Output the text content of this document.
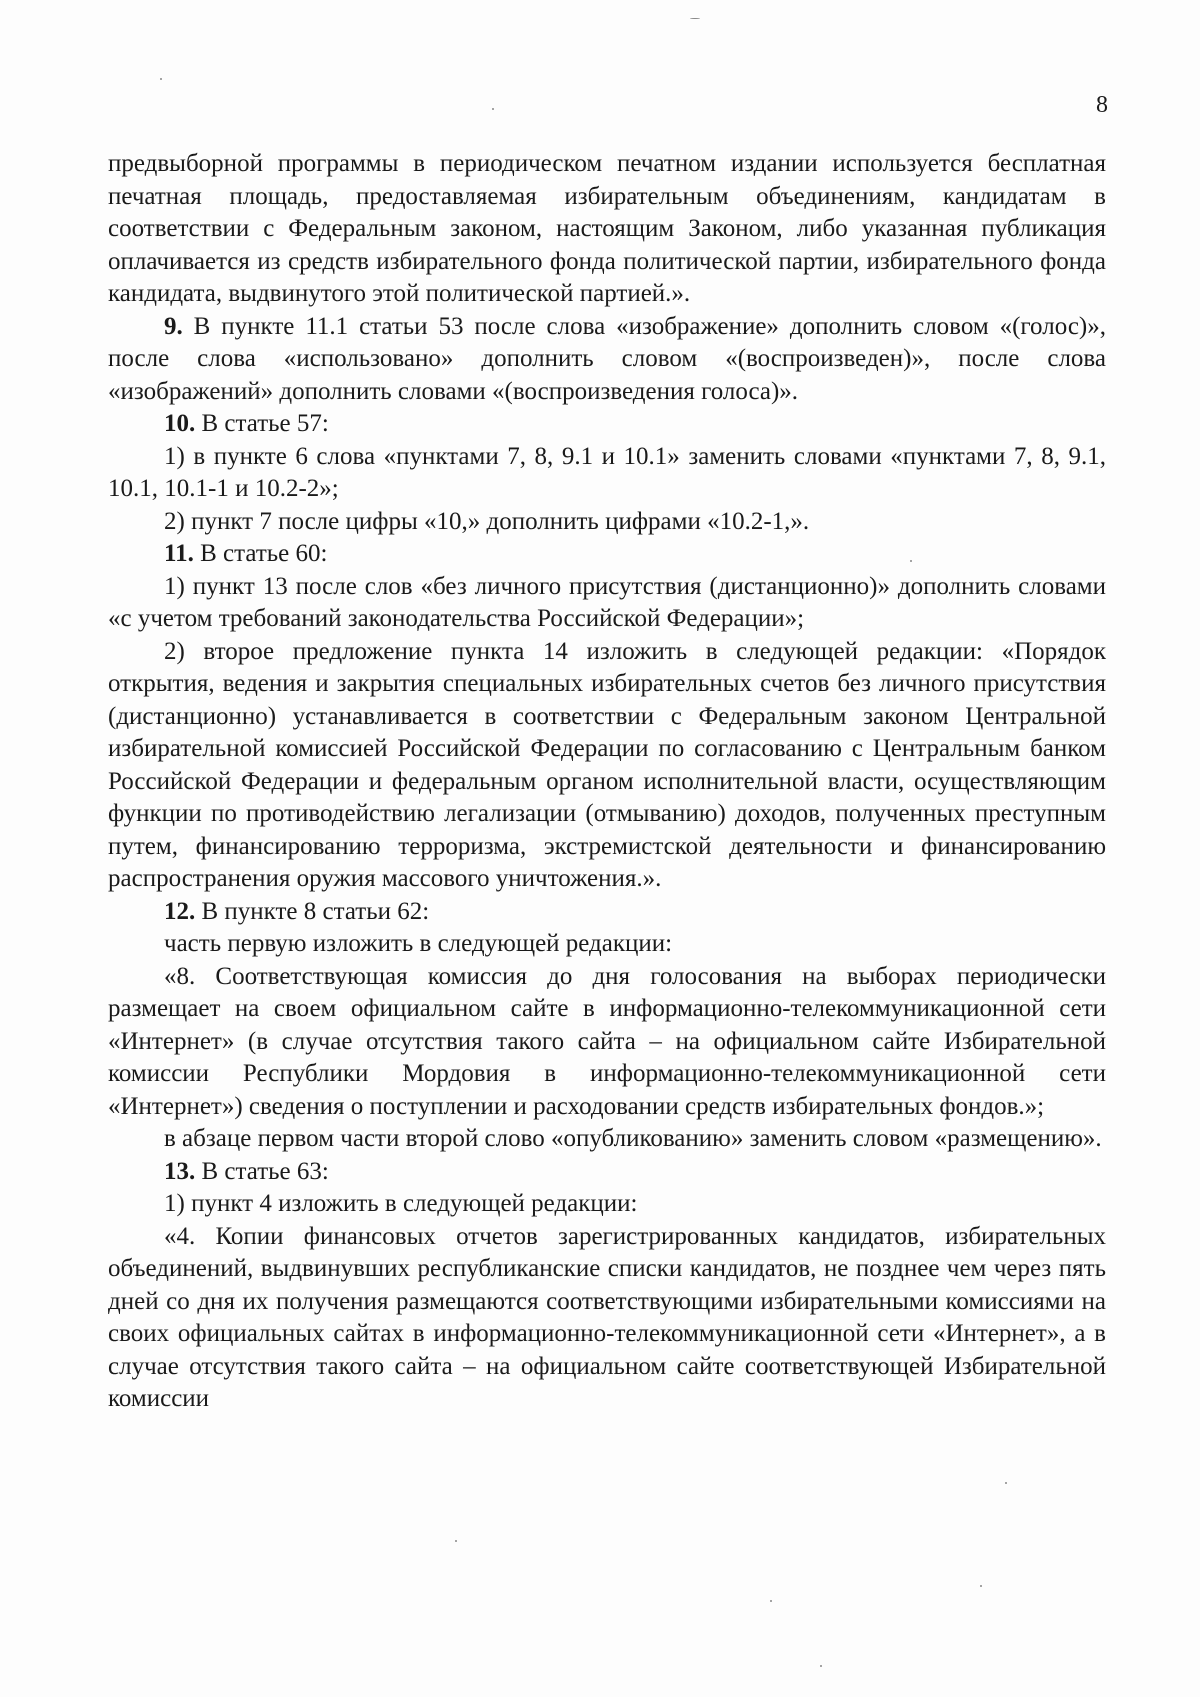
8

предвыборной программы в периодическом печатном издании используется бесплатная печатная площадь, предоставляемая избирательным объединениям, кандидатам в соответствии с Федеральным законом, настоящим Законом, либо указанная публикация оплачивается из средств избирательного фонда политической партии, избирательного фонда кандидата, выдвинутого этой политической партией.».

9. В пункте 11.1 статьи 53 после слова «изображение» дополнить словом «(голос)», после слова «использовано» дополнить словом «(воспроизведен)», после слова «изображений» дополнить словами «(воспроизведения голоса)».

10. В статье 57:

1) в пункте 6 слова «пунктами 7, 8, 9.1 и 10.1» заменить словами «пунктами 7, 8, 9.1, 10.1, 10.1-1 и 10.2-2»;

2) пункт 7 после цифры «10,» дополнить цифрами «10.2-1,».

11. В статье 60:

1) пункт 13 после слов «без личного присутствия (дистанционно)» дополнить словами «с учетом требований законодательства Российской Федерации»;

2) второе предложение пункта 14 изложить в следующей редакции: «Порядок открытия, ведения и закрытия специальных избирательных счетов без личного присутствия (дистанционно) устанавливается в соответствии с Федеральным законом Центральной избирательной комиссией Российской Федерации по согласованию с Центральным банком Российской Федерации и федеральным органом исполнительной власти, осуществляющим функции по противодействию легализации (отмыванию) доходов, полученных преступным путем, финансированию терроризма, экстремистской деятельности и финансированию распространения оружия массового уничтожения.».

12. В пункте 8 статьи 62:

часть первую изложить в следующей редакции:

«8. Соответствующая комиссия до дня голосования на выборах периодически размещает на своем официальном сайте в информационно-телекоммуникационной сети «Интернет» (в случае отсутствия такого сайта – на официальном сайте Избирательной комиссии Республики Мордовия в информационно-телекоммуникационной сети «Интернет») сведения о поступлении и расходовании средств избирательных фондов.»;

в абзаце первом части второй слово «опубликованию» заменить словом «размещению».

13. В статье 63:

1) пункт 4 изложить в следующей редакции:

«4. Копии финансовых отчетов зарегистрированных кандидатов, избирательных объединений, выдвинувших республиканские списки кандидатов, не позднее чем через пять дней со дня их получения размещаются соответствующими избирательными комиссиями на своих официальных сайтах в информационно-телекоммуникационной сети «Интернет», а в случае отсутствия такого сайта – на официальном сайте соответствующей Избирательной комиссии
